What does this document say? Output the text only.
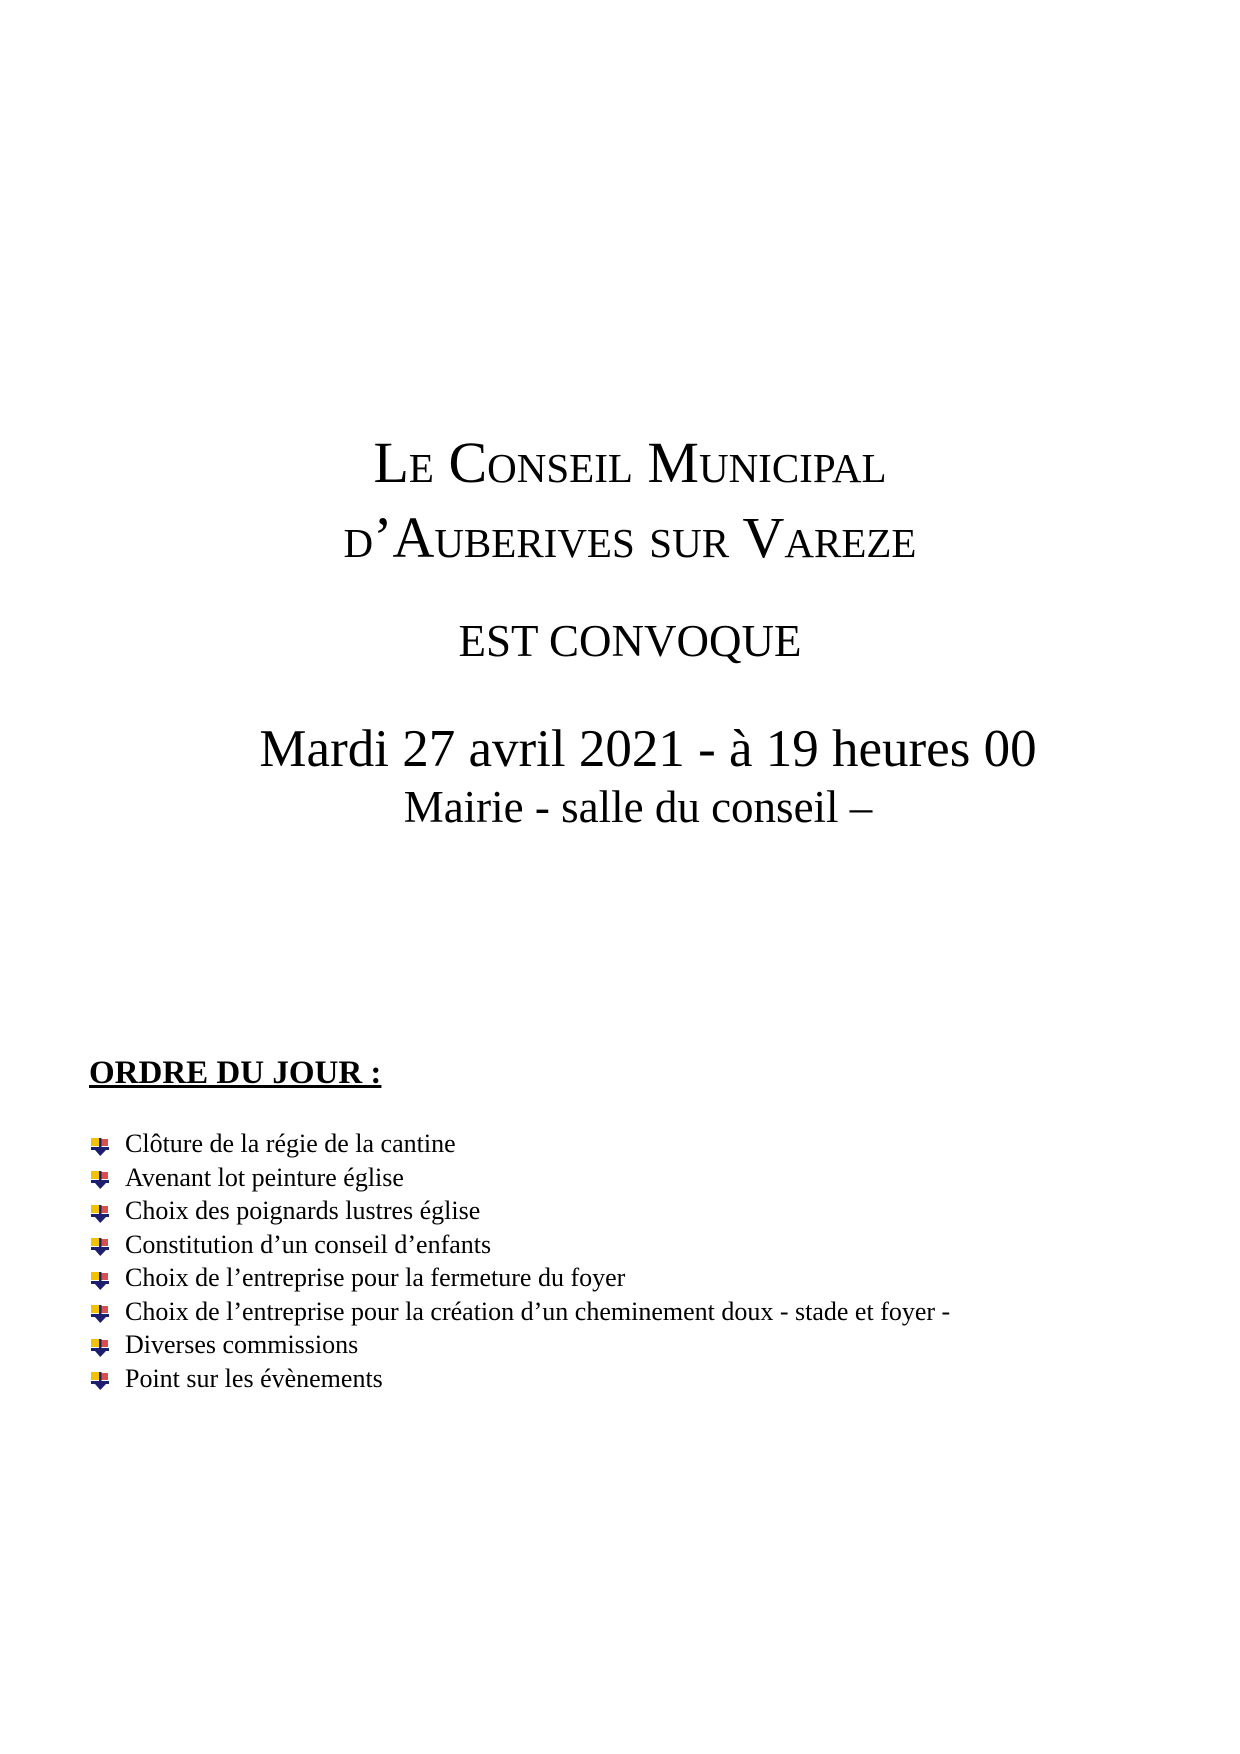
Le Conseil Municipal
d’Auberives sur Vareze
EST CONVOQUE
Mardi 27 avril 2021 - à 19 heures 00
Mairie - salle du conseil –
ORDRE DU JOUR :
Clôture de la régie de la cantine
Avenant lot peinture église
Choix des poignards lustres église
Constitution d’un conseil d’enfants
Choix de l’entreprise pour la fermeture du foyer
Choix de l’entreprise pour la création d’un cheminement doux - stade et foyer -
Diverses commissions
Point sur les évènements
